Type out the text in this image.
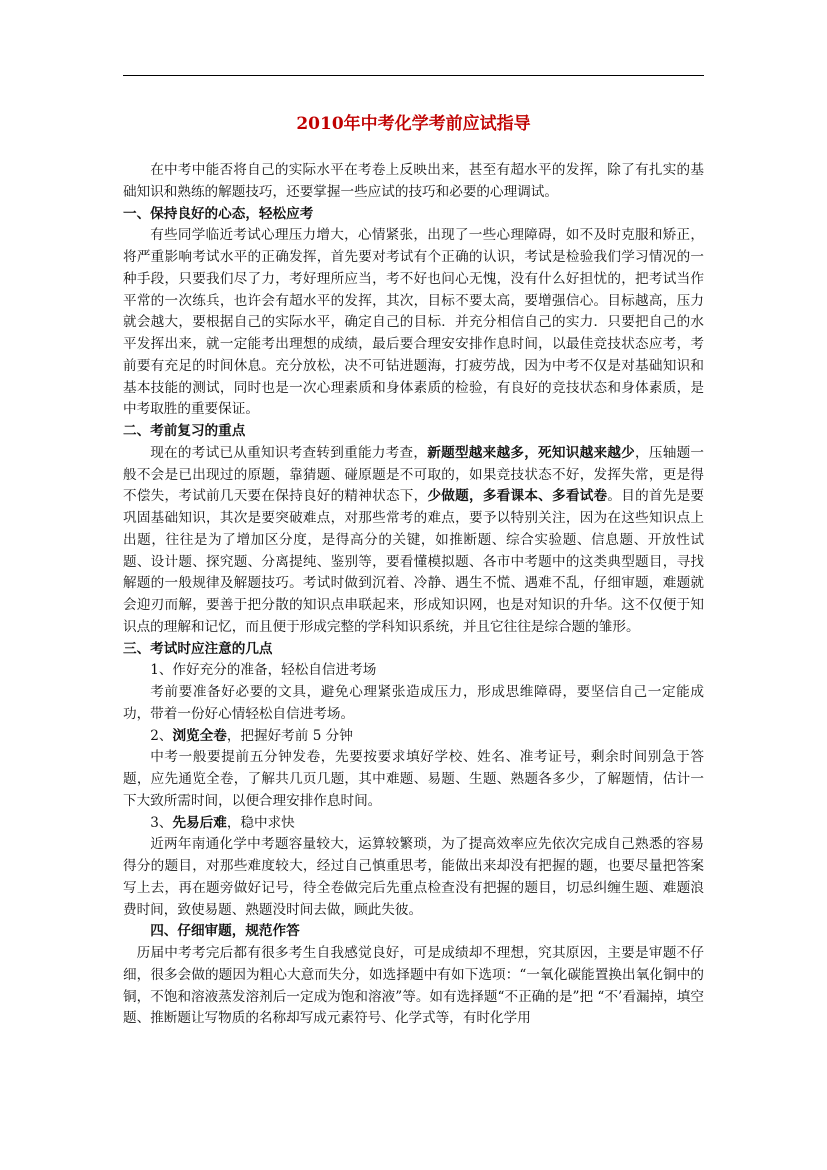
2010年中考化学考前应试指导

在中考中能否将自己的实际水平在考卷上反映出来，甚至有超水平的发挥，除了有扎实的基础知识和熟练的解题技巧，还要掌握一些应试的技巧和必要的心理调试。

一、保持良好的心态，轻松应考

有些同学临近考试心理压力增大，心情紧张，出现了一些心理障碍，如不及时克服和矫正，将严重影响考试水平的正确发挥，首先要对考试有个正确的认识，考试是检验我们学习情况的一种手段，只要我们尽了力，考好理所应当，考不好也问心无愧，没有什么好担忧的，把考试当作平常的一次练兵，也许会有超水平的发挥，其次，目标不要太高，要增强信心。目标越高，压力就会越大，要根据自己的实际水平，确定自己的目标．并充分相信自己的实力．只要把自己的水平发挥出来，就一定能考出理想的成绩，最后要合理安安排作息时间，以最佳竞技状态应考，考前要有充足的时间休息。充分放松，决不可钻进题海，打疲劳战，因为中考不仅是对基础知识和基本技能的测试，同时也是一次心理素质和身体素质的检验，有良好的竞技状态和身体素质，是中考取胜的重要保证。

二、考前复习的重点

现在的考试已从重知识考查转到重能力考查，新题型越来越多，死知识越来越少，压轴题一般不会是已出现过的原题，靠猜题、碰原题是不可取的，如果竞技状态不好，发挥失常，更是得不偿失，考试前几天要在保持良好的精神状态下，少做题，多看课本、多看试卷。目的首先是要巩固基础知识，其次是要突破难点，对那些常考的难点，要予以特别关注，因为在这些知识点上出题，往往是为了增加区分度，是得高分的关键，如推断题、综合实验题、信息题、开放性试题、设计题、探究题、分离提纯、鉴别等，要看懂模拟题、各市中考题中的这类典型题目，寻找解题的一般规律及解题技巧。考试时做到沉着、冷静、遇生不慌、遇难不乱，仔细审题，难题就会迎刃而解，要善于把分散的知识点串联起来，形成知识网，也是对知识的升华。这不仅便于知识点的理解和记忆，而且便于形成完整的学科知识系统，并且它往往是综合题的雏形。

三、考试时应注意的几点

1、作好充分的准备，轻松自信进考场

考前要准备好必要的文具，避免心理紧张造成压力，形成思维障碍，要坚信自己一定能成功，带着一份好心情轻松自信进考场。

2、浏览全卷，把握好考前 5 分钟

中考一般要提前五分钟发卷，先要按要求填好学校、姓名、准考证号，剩余时间别急于答题，应先通览全卷，了解共几页几题，其中难题、易题、生题、熟题各多少，了解题情，估计一下大致所需时间，以便合理安排作息时间。

3、先易后难，稳中求快

近两年南通化学中考题容量较大，运算较繁琐，为了提高效率应先依次完成自己熟悉的容易得分的题目，对那些难度较大，经过自己慎重思考，能做出来却没有把握的题，也要尽量把答案写上去，再在题旁做好记号，待全卷做完后先重点检查没有把握的题目，切忌纠缠生题、难题浪费时间，致使易题、熟题没时间去做，顾此失彼。

四、仔细审题，规范作答

历届中考考完后都有很多考生自我感觉良好，可是成绩却不理想，究其原因，主要是审题不仔细，很多会做的题因为粗心大意而失分，如选择题中有如下选项：“一氧化碳能置换出氧化铜中的铜，不饱和溶液蒸发溶剂后一定成为饱和溶液”等。如有选择题“不正确的是”把 “不’看漏掉，填空题、推断题让写物质的名称却写成元素符号、化学式等，有时化学用
